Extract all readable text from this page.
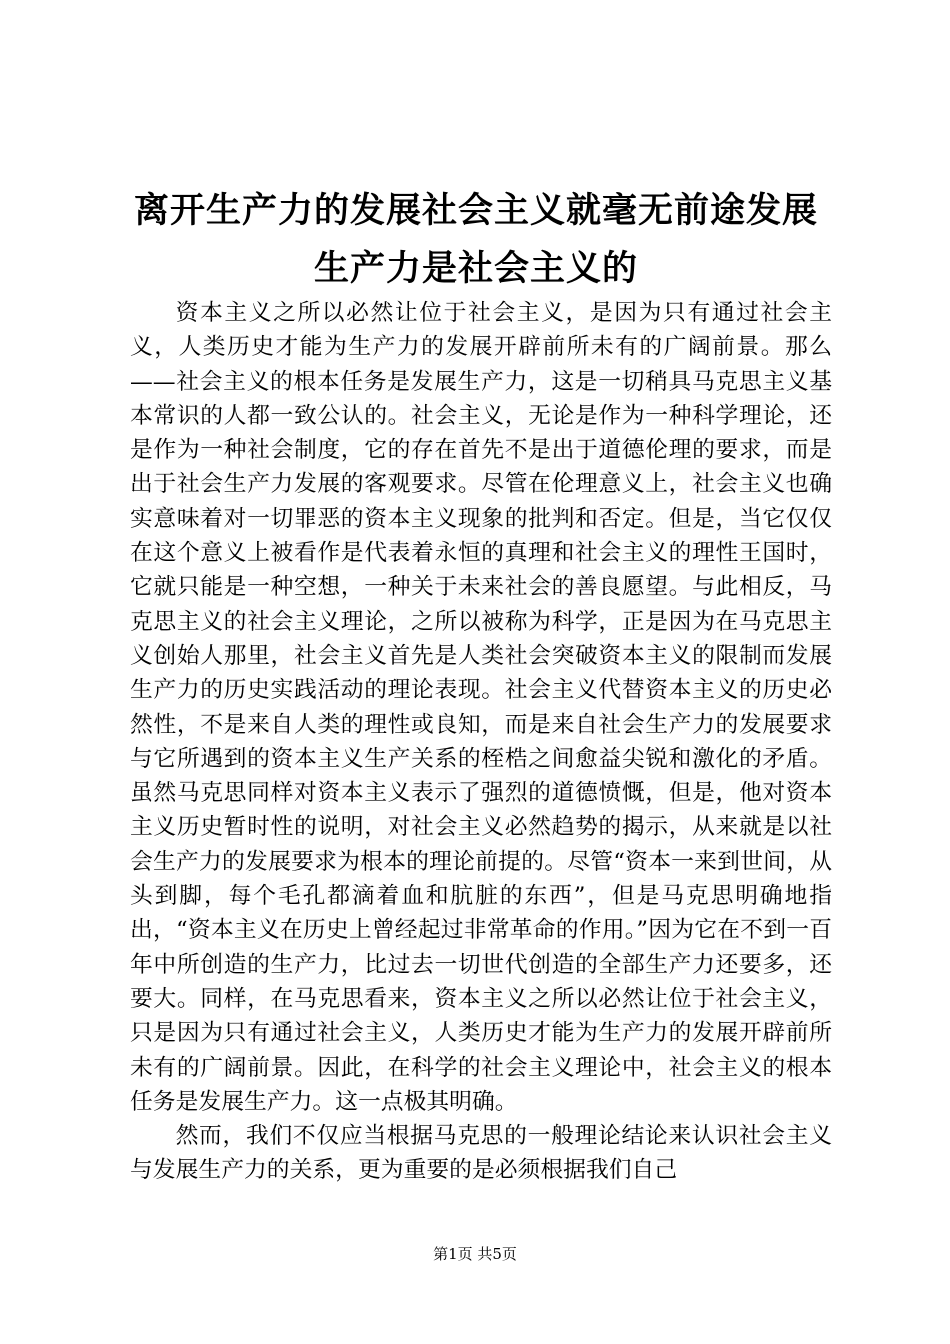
离开生产力的发展社会主义就毫无前途发展生产力是社会主义的

资本主义之所以必然让位于社会主义，是因为只有通过社会主义，人类历史才能为生产力的发展开辟前所未有的广阔前景。那么——社会主义的根本任务是发展生产力，这是一切稍具马克思主义基本常识的人都一致公认的。社会主义，无论是作为一种科学理论，还是作为一种社会制度，它的存在首先不是出于道德伦理的要求，而是出于社会生产力发展的客观要求。尽管在伦理意义上，社会主义也确实意味着对一切罪恶的资本主义现象的批判和否定。但是，当它仅仅在这个意义上被看作是代表着永恒的真理和社会主义的理性王国时，它就只能是一种空想，一种关于未来社会的善良愿望。与此相反，马克思主义的社会主义理论，之所以被称为科学，正是因为在马克思主义创始人那里，社会主义首先是人类社会突破资本主义的限制而发展生产力的历史实践活动的理论表现。社会主义代替资本主义的历史必然性，不是来自人类的理性或良知，而是来自社会生产力的发展要求与它所遇到的资本主义生产关系的桎梏之间愈益尖锐和激化的矛盾。虽然马克思同样对资本主义表示了强烈的道德愤慨，但是，他对资本主义历史暂时性的说明，对社会主义必然趋势的揭示，从来就是以社会生产力的发展要求为根本的理论前提的。尽管“资本一来到世间，从头到脚，每个毛孔都滴着血和肮脏的东西”，但是马克思明确地指出，“资本主义在历史上曾经起过非常革命的作用。”因为它在不到一百年中所创造的生产力，比过去一切世代创造的全部生产力还要多，还要大。同样，在马克思看来，资本主义之所以必然让位于社会主义，只是因为只有通过社会主义，人类历史才能为生产力的发展开辟前所未有的广阔前景。因此，在科学的社会主义理论中，社会主义的根本任务是发展生产力。这一点极其明确。

然而，我们不仅应当根据马克思的一般理论结论来认识社会主义与发展生产力的关系，更为重要的是必须根据我们自己

第1页 共5页
